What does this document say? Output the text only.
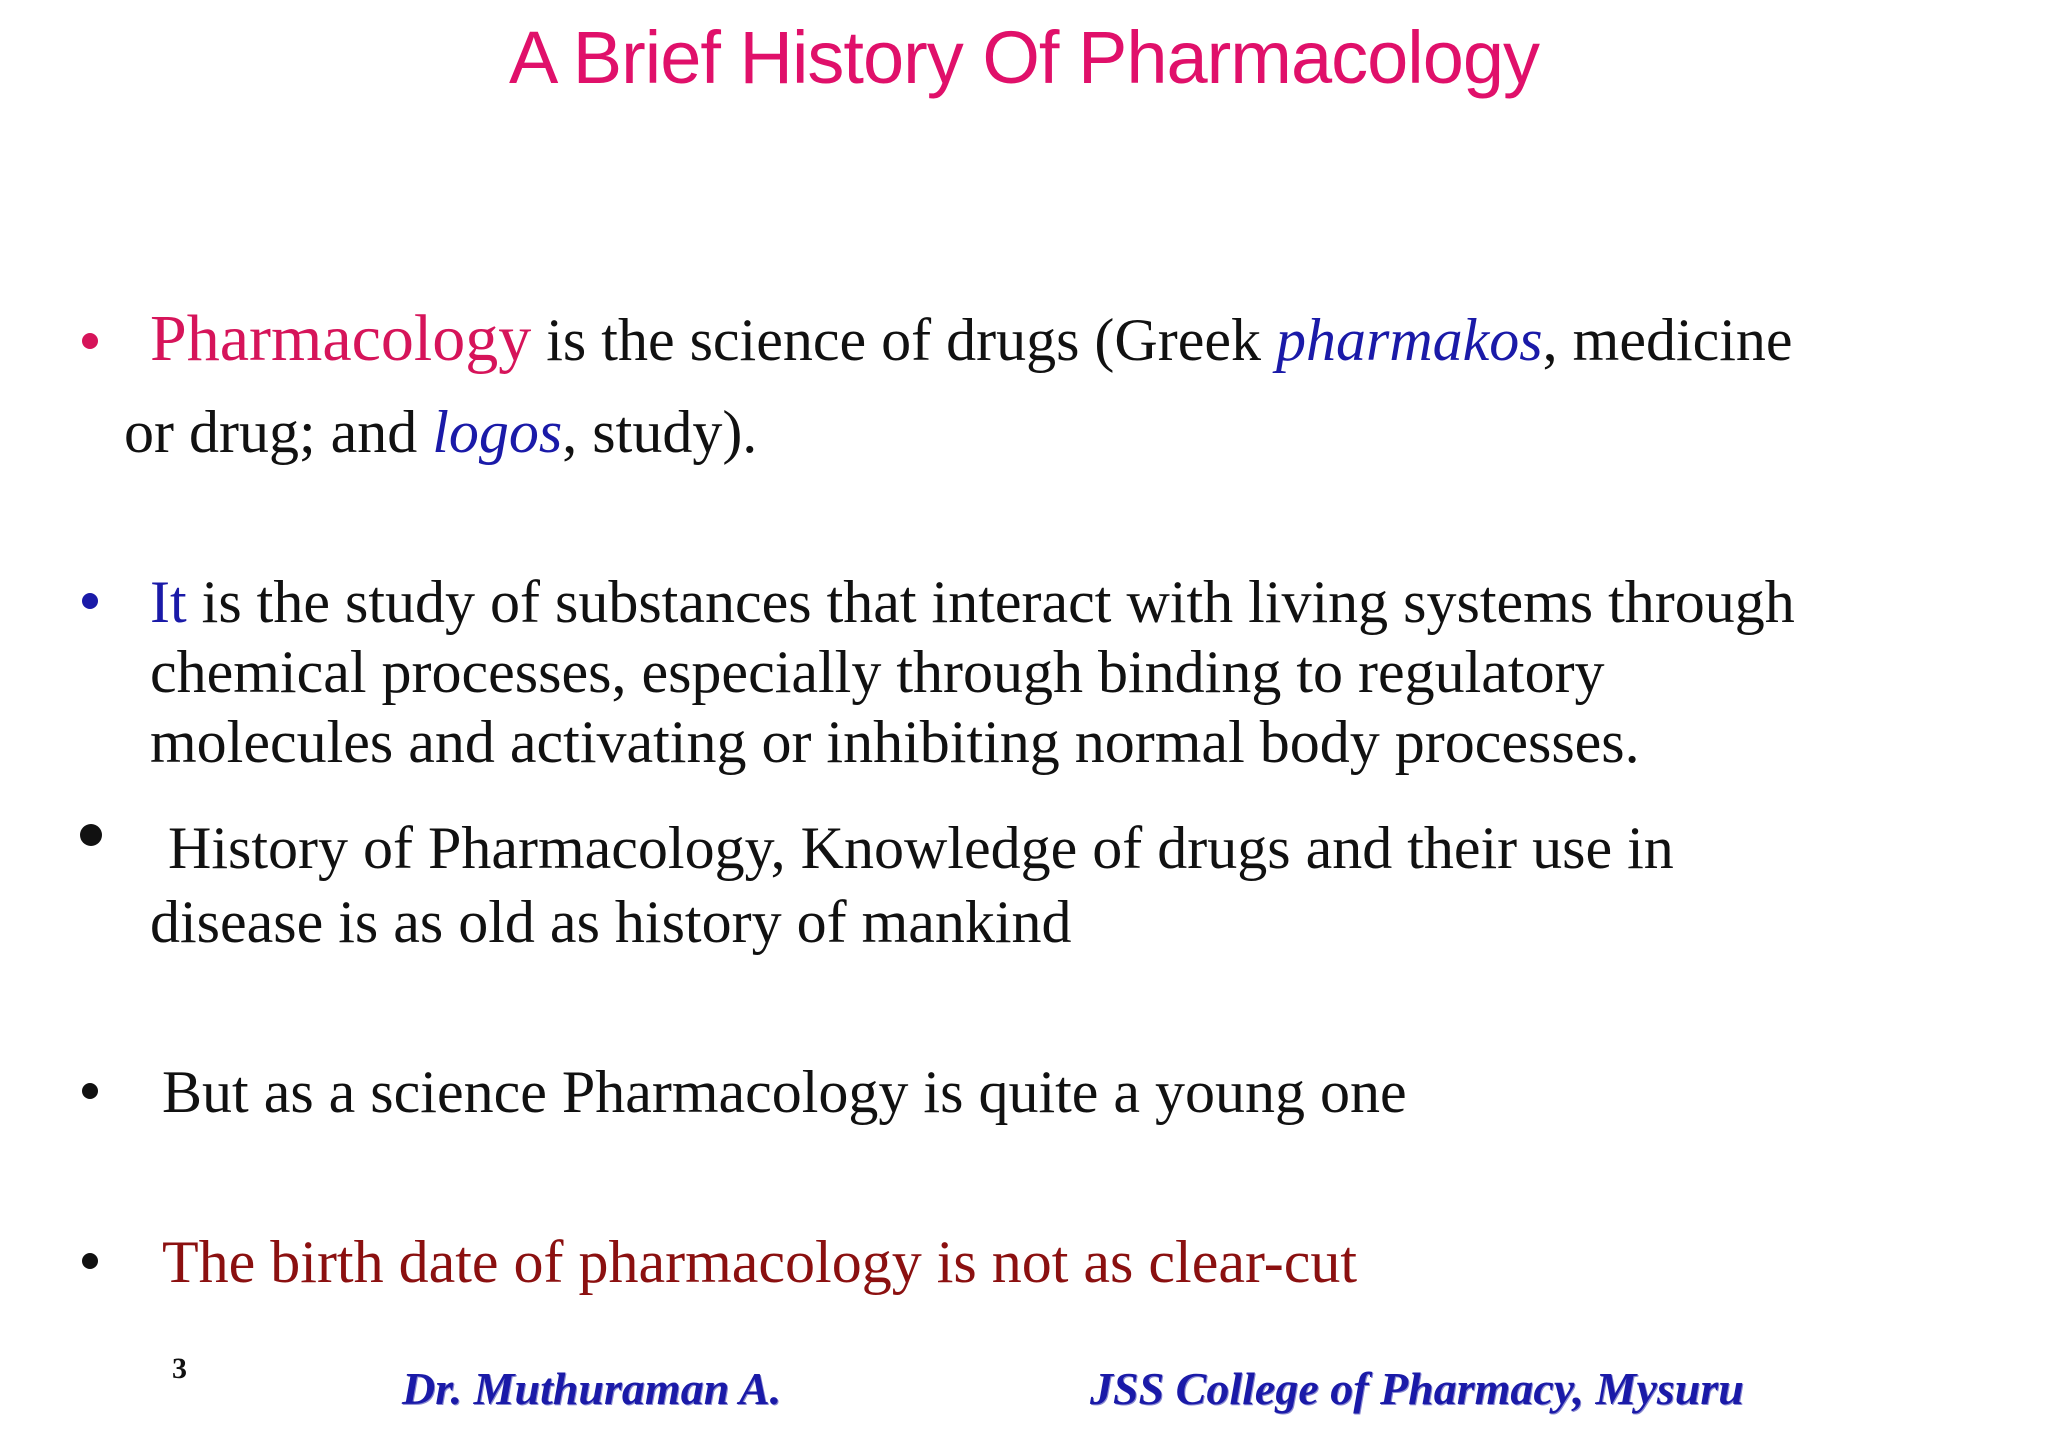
A Brief History Of Pharmacology
Pharmacology is the science of drugs (Greek pharmakos, medicine
or drug; and logos, study).
It is the study of substances that interact with living systems through
chemical processes, especially through binding to regulatory
molecules and activating or inhibiting normal body processes.
History of Pharmacology, Knowledge of drugs and their use in
disease is as old as history of mankind
But as a science Pharmacology is quite a young one
The birth date of pharmacology is not as clear-cut
3	Dr. Muthuraman A.	JSS College of Pharmacy, Mysuru
